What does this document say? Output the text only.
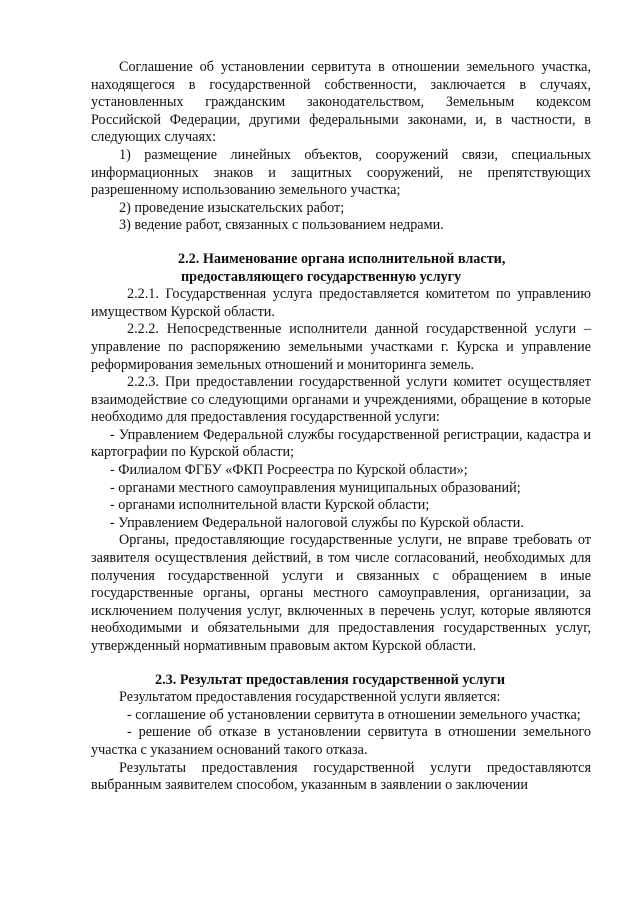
Соглашение об установлении сервитута в отношении земельного участка, находящегося в государственной собственности, заключается в случаях, установленных гражданским законодательством, Земельным кодексом Российской Федерации, другими федеральными законами, и, в частности, в следующих случаях:

1) размещение линейных объектов, сооружений связи, специальных информационных знаков и защитных сооружений, не препятствующих разрешенному использованию земельного участка;

2) проведение изыскательских работ;

3) ведение работ, связанных с пользованием недрами.

2.2. Наименование органа исполнительной власти,
предоставляющего государственную услугу

2.2.1. Государственная услуга предоставляется комитетом по управлению имуществом Курской области.

2.2.2. Непосредственные исполнители данной государственной услуги – управление по распоряжению земельными участками г. Курска и управление реформирования земельных отношений и мониторинга земель.

2.2.3. При предоставлении государственной услуги комитет осуществляет взаимодействие со следующими органами и учреждениями, обращение в которые необходимо для предоставления государственной услуги:

- Управлением Федеральной службы государственной регистрации, кадастра и картографии по Курской области;

- Филиалом ФГБУ «ФКП Росреестра по Курской области»;

- органами местного самоуправления муниципальных образований;

- органами исполнительной власти Курской области;

- Управлением Федеральной налоговой службы по Курской области.

Органы, предоставляющие государственные услуги, не вправе требовать от заявителя осуществления действий, в том числе согласований, необходимых для получения государственной услуги и связанных с обращением в иные государственные органы, органы местного самоуправления, организации, за исключением получения услуг, включенных в перечень услуг, которые являются необходимыми и обязательными для предоставления государственных услуг, утвержденный нормативным правовым актом Курской области.

2.3. Результат предоставления государственной услуги

Результатом предоставления государственной услуги является:

- соглашение об установлении сервитута в отношении земельного участка;

- решение об отказе в установлении сервитута в отношении земельного участка с указанием оснований такого отказа.

Результаты предоставления государственной услуги предоставляются выбранным заявителем способом, указанным в заявлении о заключении
